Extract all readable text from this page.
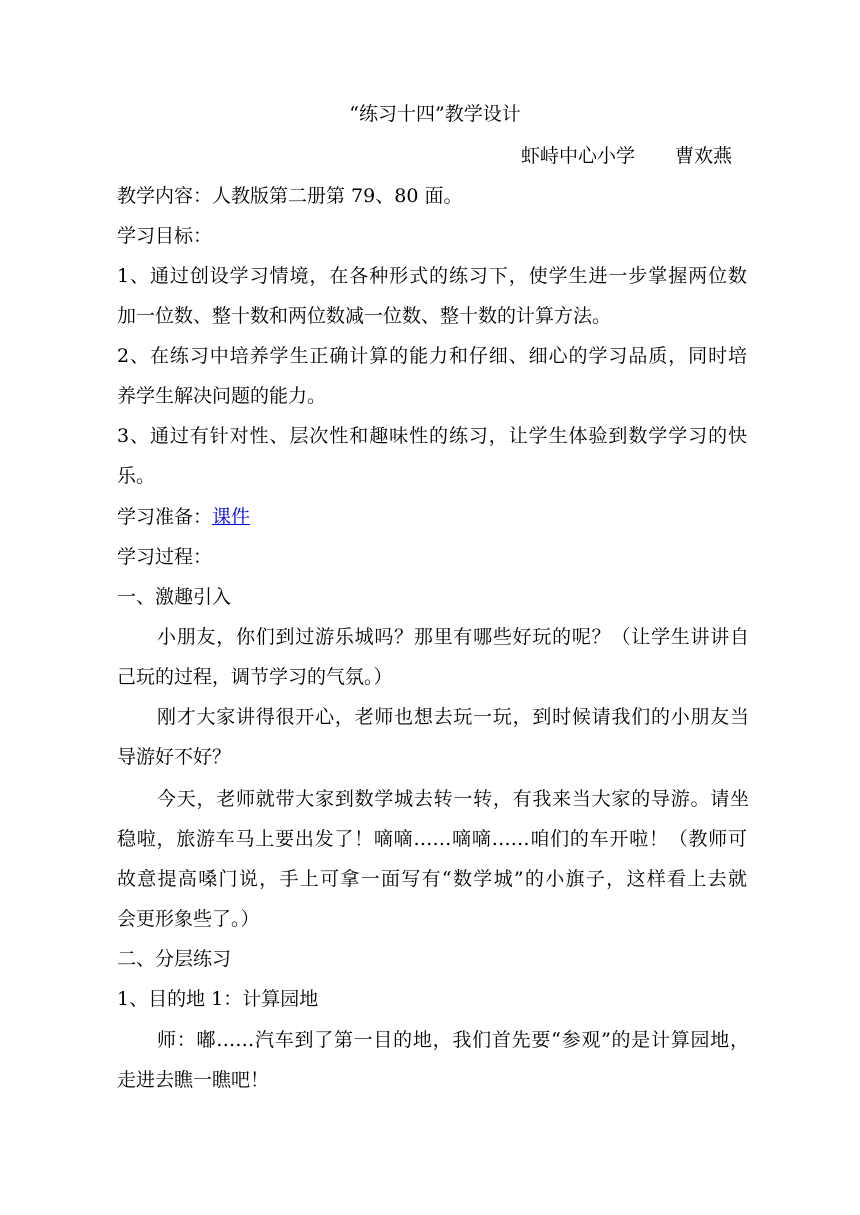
“练习十四”教学设计
虾峙中心小学 曹欢燕
教学内容：人教版第二册第 79、80 面。
学习目标：
1、通过创设学习情境，在各种形式的练习下，使学生进一步掌握两位数
加一位数、整十数和两位数减一位数、整十数的计算方法。
2、在练习中培养学生正确计算的能力和仔细、细心的学习品质，同时培
养学生解决问题的能力。
3、通过有针对性、层次性和趣味性的练习，让学生体验到数学学习的快
乐。
学习准备：课件
学习过程：
一、激趣引入
小朋友，你们到过游乐城吗？那里有哪些好玩的呢？（让学生讲讲自
己玩的过程，调节学习的气氛。）
刚才大家讲得很开心，老师也想去玩一玩，到时候请我们的小朋友当
导游好不好？
今天，老师就带大家到数学城去转一转，有我来当大家的导游。请坐
稳啦，旅游车马上要出发了！嘀嘀……嘀嘀……咱们的车开啦！（教师可
故意提高嗓门说，手上可拿一面写有“数学城”的小旗子，这样看上去就
会更形象些了。）
二、分层练习
1、目的地 1：计算园地
师：嘟……汽车到了第一目的地，我们首先要“参观”的是计算园地，
走进去瞧一瞧吧！
